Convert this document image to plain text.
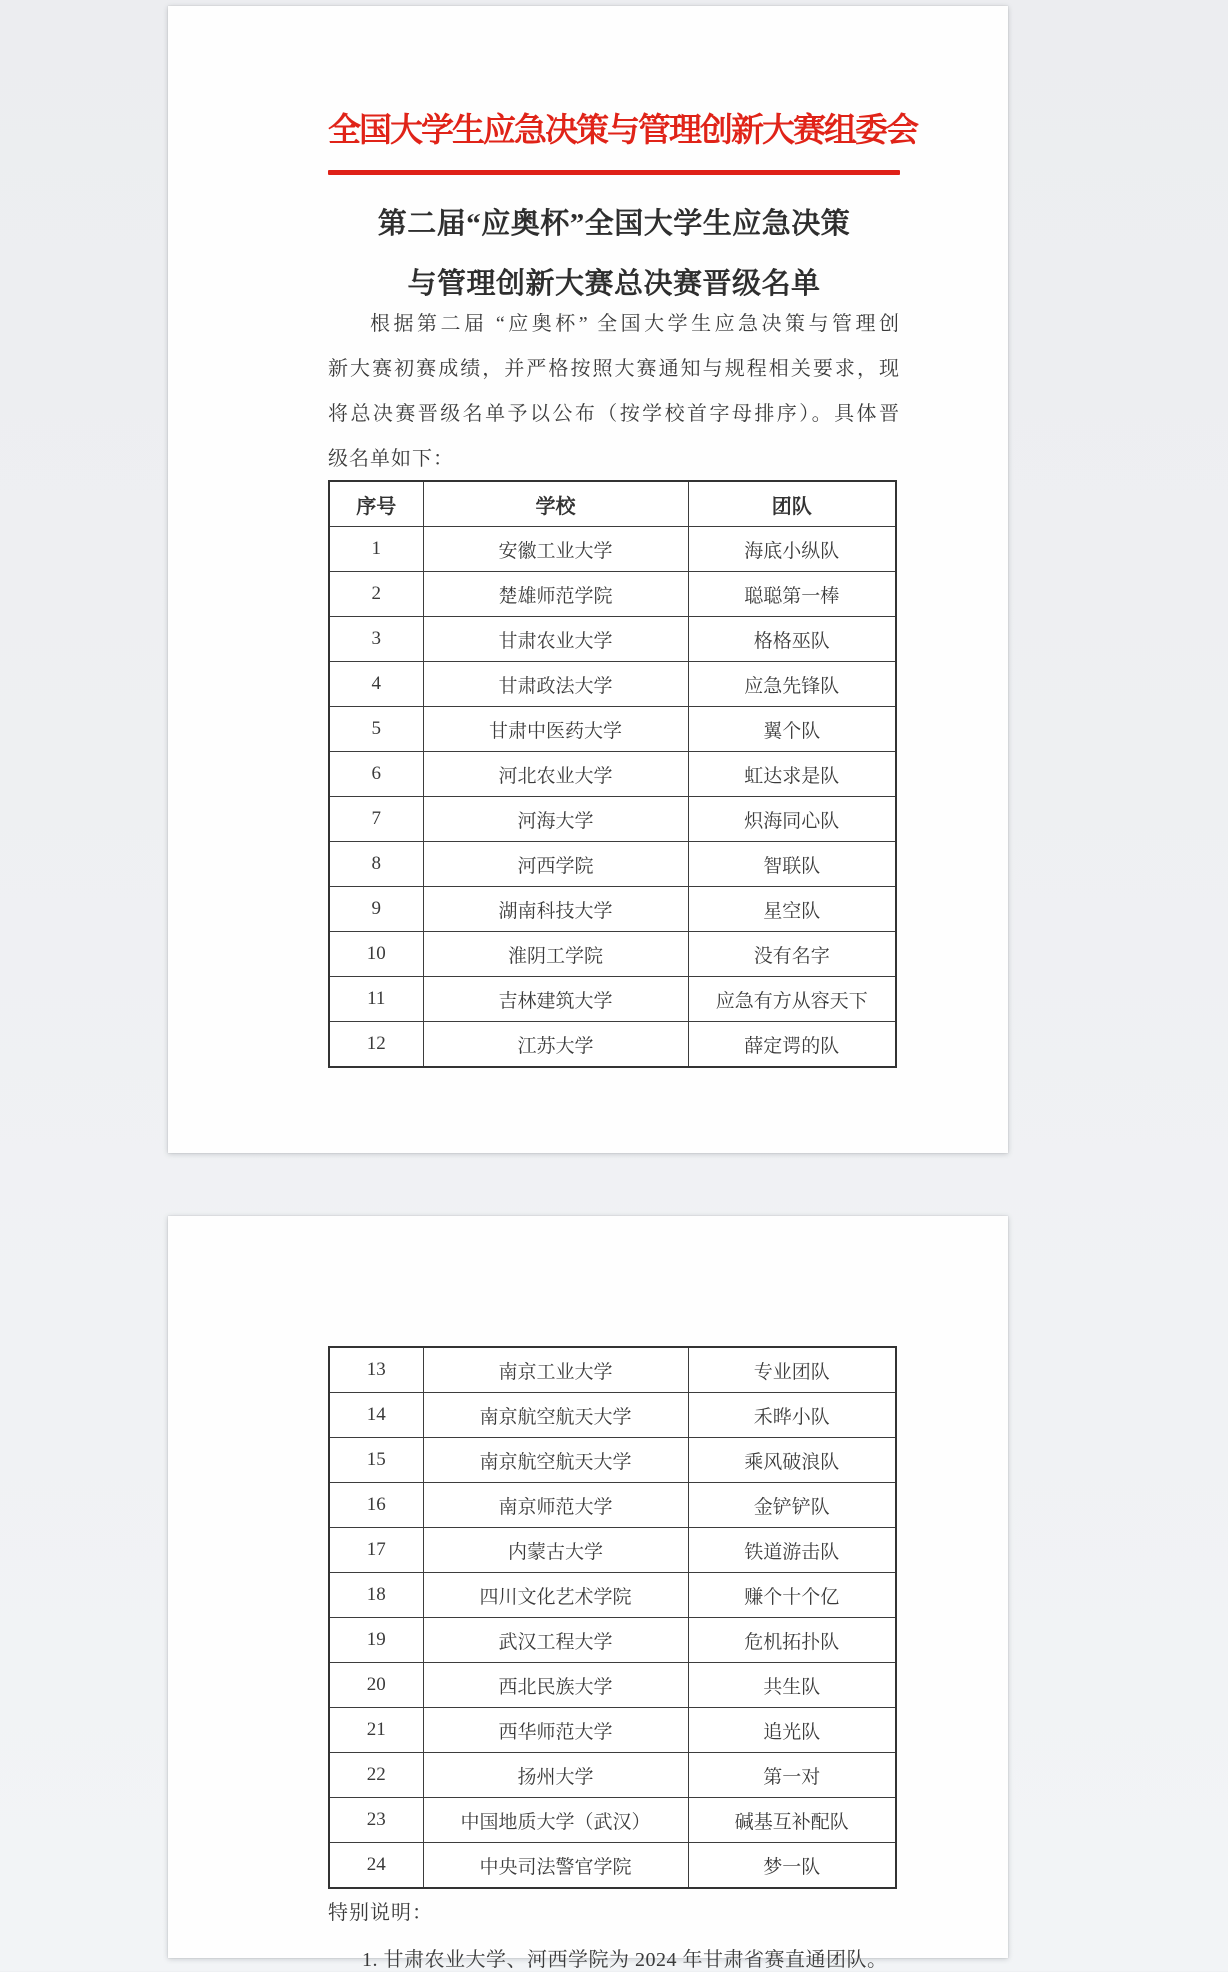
全国大学生应急决策与管理创新大赛组委会
第二届“应奥杯”全国大学生应急决策
与管理创新大赛总决赛晋级名单
根据第二届 “应奥杯” 全国大学生应急决策与管理创
新大赛初赛成绩，并严格按照大赛通知与规程相关要求，现
将总决赛晋级名单予以公布（按学校首字母排序）。具体晋
级名单如下：
序号	学校	团队
1	安徽工业大学	海底小纵队
2	楚雄师范学院	聪聪第一棒
3	甘肃农业大学	格格巫队
4	甘肃政法大学	应急先锋队
5	甘肃中医药大学	翼个队
6	河北农业大学	虹达求是队
7	河海大学	炽海同心队
8	河西学院	智联队
9	湖南科技大学	星空队
10	淮阴工学院	没有名字
11	吉林建筑大学	应急有方从容天下
12	江苏大学	薛定谔的队
13	南京工业大学	专业团队
14	南京航空航天大学	禾晔小队
15	南京航空航天大学	乘风破浪队
16	南京师范大学	金铲铲队
17	内蒙古大学	铁道游击队
18	四川文化艺术学院	赚个十个亿
19	武汉工程大学	危机拓扑队
20	西北民族大学	共生队
21	西华师范大学	追光队
22	扬州大学	第一对
23	中国地质大学（武汉）	碱基互补配队
24	中央司法警官学院	梦一队
特别说明：
1. 甘肃农业大学、河西学院为 2024 年甘肃省赛直通团队。
